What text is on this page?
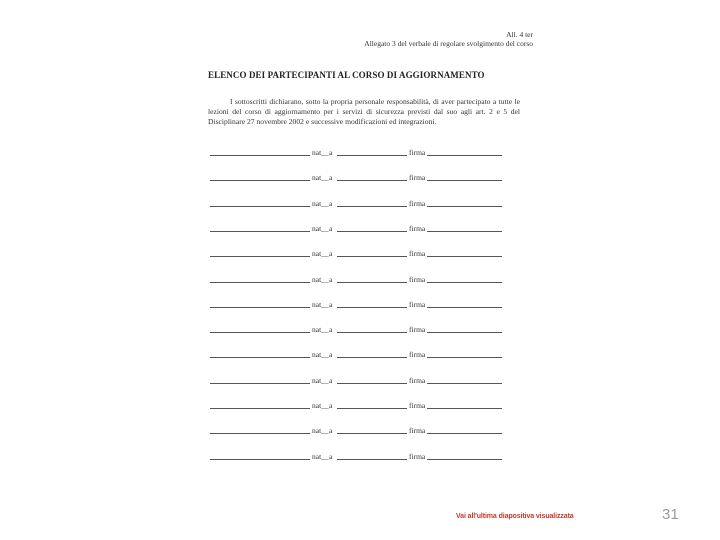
All. 4 ter
Allegato 3 del verbale di regolare svolgimento del corso
ELENCO DEI PARTECIPANTI AL CORSO DI AGGIORNAMENTO

I sottoscritti dichiarano, sotto la propria personale responsabilità, di aver partecipato a tutte le lezioni del corso di aggiornamento per i servizi di sicurezza previsti dal suo agli art. 2 e 5 del Disciplinare 27 novembre 2002 e successive modificazioni ed integrazioni.

nat__ a	firma
nat__ a	firma
nat__ a	firma
nat__ a	firma
nat__ a	firma
nat__ a	firma
nat__ a	firma
nat__ a	firma
nat__ a	firma
nat__ a	firma
nat__ a	firma
nat__ a	firma
nat__ a	firma
Vai all'ultima diapositiva visualizzata	31
